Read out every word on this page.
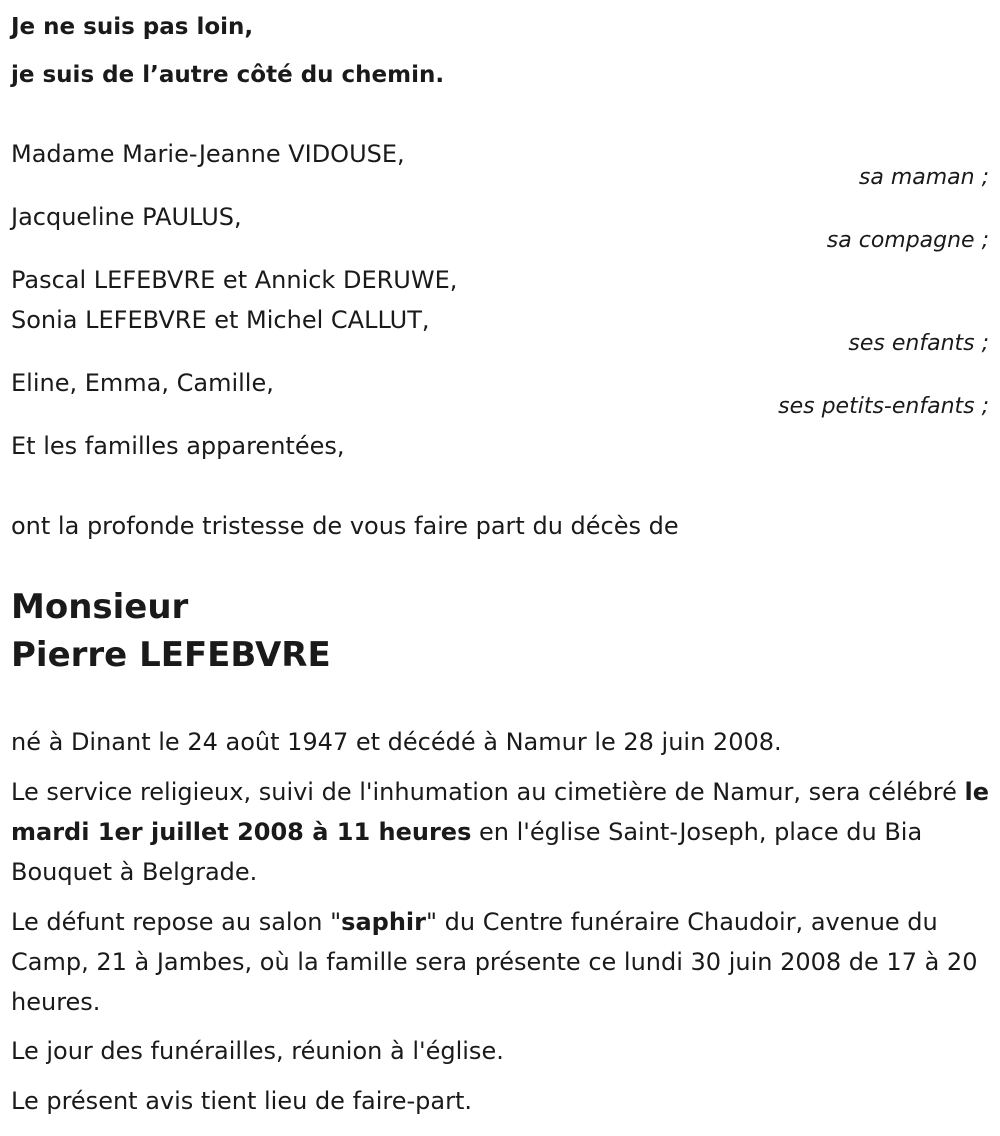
Je ne suis pas loin,

je suis de l’autre côté du chemin.

Madame Marie-Jeanne VIDOUSE,

sa maman ;

Jacqueline PAULUS,

sa compagne ;

Pascal LEFEBVRE et Annick DERUWE,

Sonia LEFEBVRE et Michel CALLUT,

ses enfants ;

Eline, Emma, Camille,

ses petits-enfants ;

Et les familles apparentées,

ont la profonde tristesse de vous faire part du décès de

Monsieur

Pierre LEFEBVRE

né à Dinant le 24 août 1947 et décédé à Namur le 28 juin 2008.

Le service religieux, suivi de l'inhumation au cimetière de Namur, sera célébré le mardi 1er juillet 2008 à 11 heures en l'église Saint-Joseph, place du Bia Bouquet à Belgrade.

Le défunt repose au salon "saphir" du Centre funéraire Chaudoir, avenue du Camp, 21 à Jambes, où la famille sera présente ce lundi 30 juin 2008 de 17 à 20 heures.

Le jour des funérailles, réunion à l'église.

Le présent avis tient lieu de faire-part.
